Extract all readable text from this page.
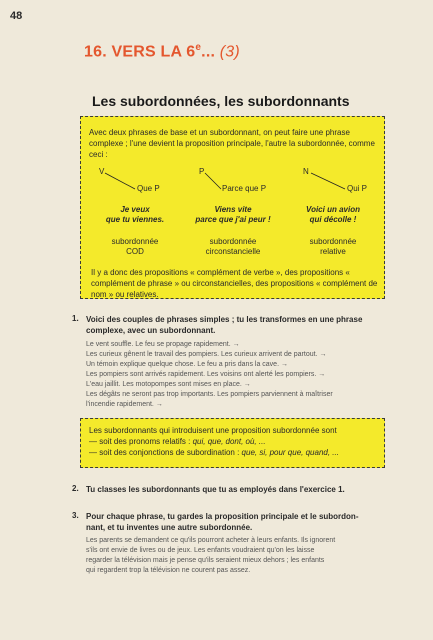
48
16. VERS LA 6e... (3)
Les subordonnées, les subordonnants
Avec deux phrases de base et un subordonnant, on peut faire une phrase complexe ; l'une devient la proposition principale, l'autre la subordonnée, comme ceci :
V
Que P
P
Parce que P
N
Qui P
Je veux
que tu viennes.
Viens vite
parce que j'ai peur !
Voici un avion
qui décolle !
subordonnée
COD
subordonnée
circonstancielle
subordonnée
relative
Il y a donc des propositions « complément de verbe », des propositions « complément de phrase » ou circonstancielles, des propositions « complément de nom » ou relatives.
1. Voici des couples de phrases simples ; tu les transformes en une phrase
complexe, avec un subordonnant.
Le vent souffle. Le feu se propage rapidement. →
Les curieux gênent le travail des pompiers. Les curieux arrivent de partout. →
Un témoin explique quelque chose. Le feu a pris dans la cave. →
Les pompiers sont arrivés rapidement. Les voisins ont alerté les pompiers. →
L'eau jaillit. Les motopompes sont mises en place. →
Les dégâts ne seront pas trop importants. Les pompiers parviennent à maîtriser
l'incendie rapidement. →
Les subordonnants qui introduisent une proposition subordonnée sont
— soit des pronoms relatifs : qui, que, dont, où, ...
— soit des conjonctions de subordination : que, si, pour que, quand, ...
2. Tu classes les subordonnants que tu as employés dans l'exercice 1.
3. Pour chaque phrase, tu gardes la proposition principale et le subordon-
nant, et tu inventes une autre subordonnée.
Les parents se demandent ce qu'ils pourront acheter à leurs enfants. Ils ignorent
s'ils ont envie de livres ou de jeux. Les enfants voudraient qu'on les laisse
regarder la télévision mais je pense qu'ils seraient mieux dehors ; les enfants
qui regardent trop la télévision ne courent pas assez.
